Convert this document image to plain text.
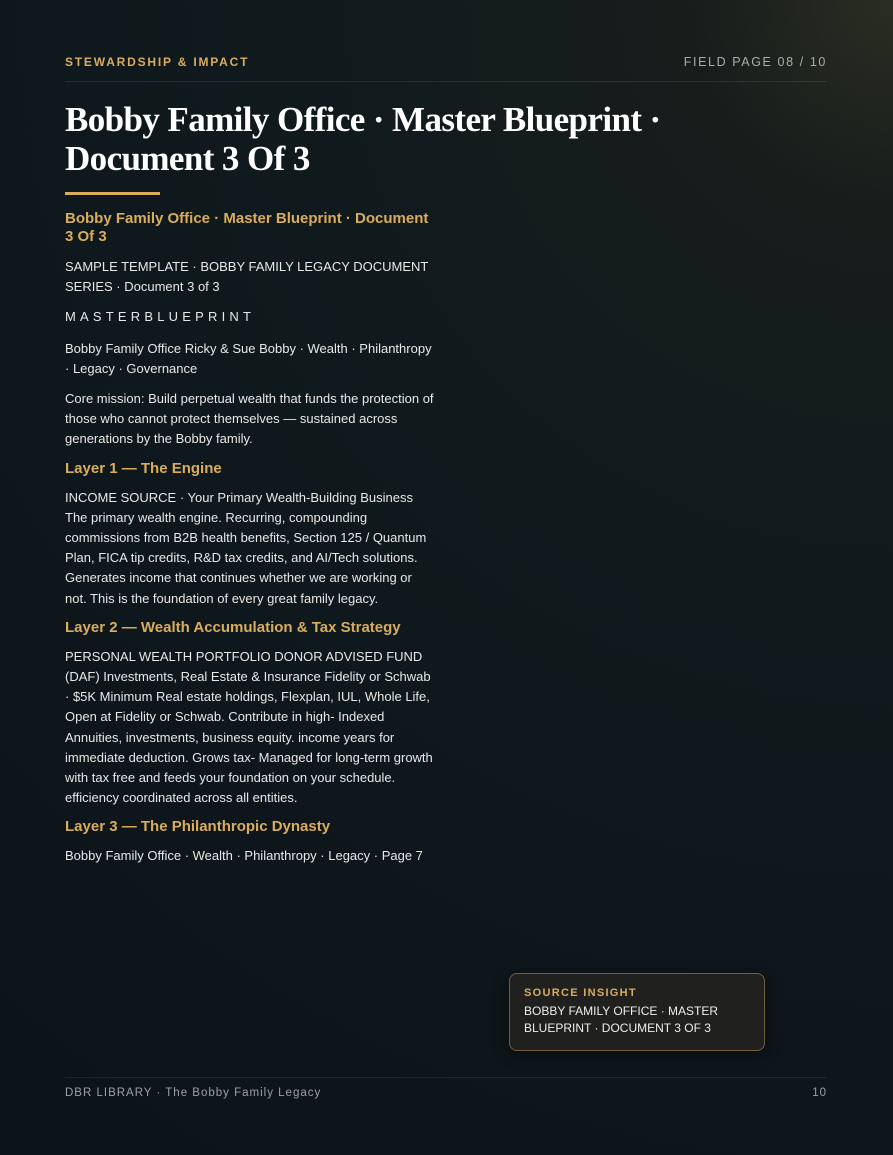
STEWARDSHIP & IMPACT	FIELD PAGE 08 / 10
Bobby Family Office · Master Blueprint · Document 3 Of 3
Bobby Family Office · Master Blueprint · Document 3 Of 3

SAMPLE TEMPLATE · BOBBY FAMILY LEGACY DOCUMENT SERIES · Document 3 of 3

MASTERBLUEPRINT

Bobby Family Office Ricky & Sue Bobby · Wealth · Philanthropy · Legacy · Governance

Core mission: Build perpetual wealth that funds the protection of those who cannot protect themselves — sustained across generations by the Bobby family.

Layer 1 — The Engine

INCOME SOURCE · Your Primary Wealth-Building Business The primary wealth engine. Recurring, compounding commissions from B2B health benefits, Section 125 / Quantum Plan, FICA tip credits, R&D tax credits, and AI/Tech solutions. Generates income that continues whether we are working or not. This is the foundation of every great family legacy.

Layer 2 — Wealth Accumulation & Tax Strategy

PERSONAL WEALTH PORTFOLIO DONOR ADVISED FUND (DAF) Investments, Real Estate & Insurance Fidelity or Schwab · $5K Minimum Real estate holdings, Flexplan, IUL, Whole Life, Open at Fidelity or Schwab. Contribute in high- Indexed Annuities, investments, business equity. income years for immediate deduction. Grows tax- Managed for long-term growth with tax free and feeds your foundation on your schedule. efficiency coordinated across all entities.

Layer 3 — The Philanthropic Dynasty

Bobby Family Office · Wealth · Philanthropy · Legacy · Page 7

SOURCE INSIGHT
BOBBY FAMILY OFFICE · MASTER BLUEPRINT · DOCUMENT 3 OF 3
DBR LIBRARY · The Bobby Family Legacy	10
